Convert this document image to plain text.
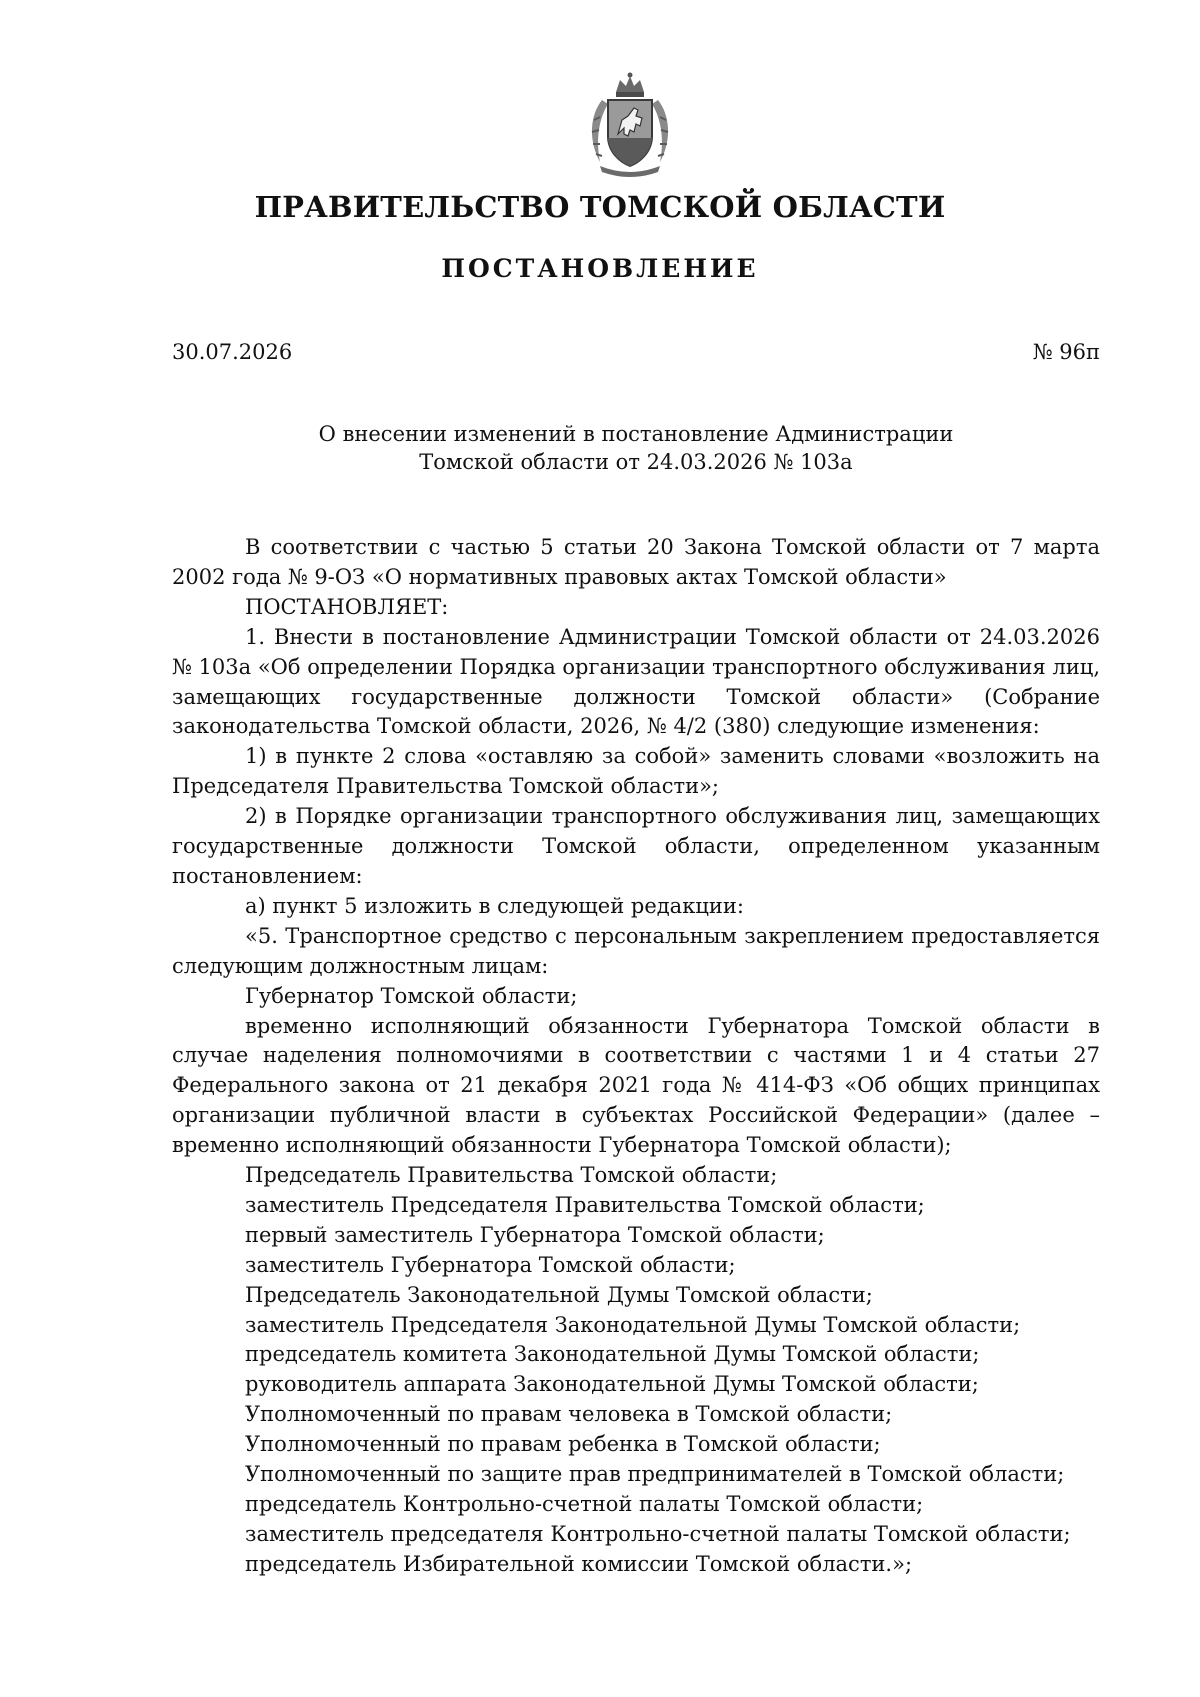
ПРАВИТЕЛЬСТВО ТОМСКОЙ ОБЛАСТИ
ПОСТАНОВЛЕНИЕ
30.07.2026	№ 96п
О внесении изменений в постановление Администрации
Томской области от 24.03.2026 № 103а

В соответствии с частью 5 статьи 20 Закона Томской области от 7 марта 2002 года № 9-ОЗ «О нормативных правовых актах Томской области»

ПОСТАНОВЛЯЕТ:

1. Внести в постановление Администрации Томской области от 24.03.2026 № 103а «Об определении Порядка организации транспортного обслуживания лиц, замещающих государственные должности Томской области» (Собрание законодательства Томской области, 2026, № 4/2 (380) следующие изменения:

1) в пункте 2 слова «оставляю за собой» заменить словами «возложить на Председателя Правительства Томской области»;

2) в Порядке организации транспортного обслуживания лиц, замещающих государственные должности Томской области, определенном указанным постановлением:

а) пункт 5 изложить в следующей редакции:

«5. Транспортное средство с персональным закреплением предоставляется следующим должностным лицам:

Губернатор Томской области;

временно исполняющий обязанности Губернатора Томской области в случае наделения полномочиями в соответствии с частями 1 и 4 статьи 27 Федерального закона от 21 декабря 2021 года № 414-ФЗ «Об общих принципах организации публичной власти в субъектах Российской Федерации» (далее – временно исполняющий обязанности Губернатора Томской области);

Председатель Правительства Томской области;

заместитель Председателя Правительства Томской области;

первый заместитель Губернатора Томской области;

заместитель Губернатора Томской области;

Председатель Законодательной Думы Томской области;

заместитель Председателя Законодательной Думы Томской области;

председатель комитета Законодательной Думы Томской области;

руководитель аппарата Законодательной Думы Томской области;

Уполномоченный по правам человека в Томской области;

Уполномоченный по правам ребенка в Томской области;

Уполномоченный по защите прав предпринимателей в Томской области;

председатель Контрольно-счетной палаты Томской области;

заместитель председателя Контрольно-счетной палаты Томской области;

председатель Избирательной комиссии Томской области.»;
